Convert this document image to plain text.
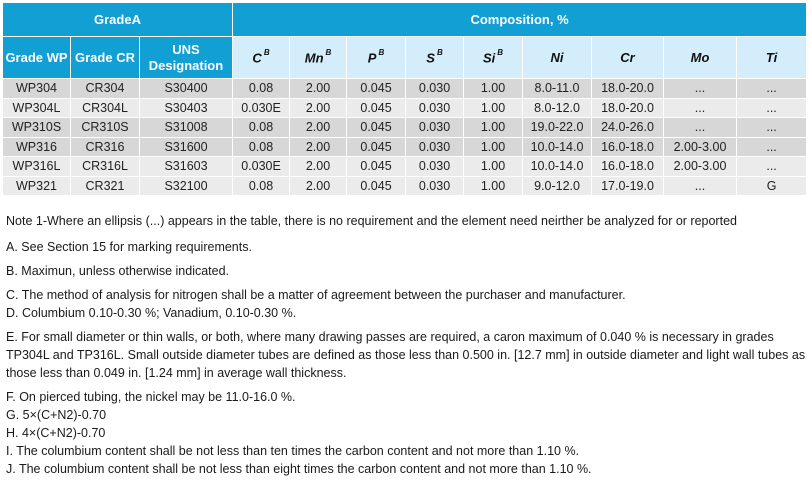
GradeA			Composition, %								
Grade WP	Grade CR	UNS
Designation	C $^B$	Mn $^B$	P $^B$	S $^B$	Si $^B$	Ni	Cr	Mo	Ti
WP304	CR304	S30400	0.08	2.00	0.045	0.030	1.00	8.0-11.0	18.0-20.0	...	...
WP304L	CR304L	S30403	0.030E	2.00	0.045	0.030	1.00	8.0-12.0	18.0-20.0	...	...
WP310S	CR310S	S31008	0.08	2.00	0.045	0.030	1.00	19.0-22.0	24.0-26.0	...	...
WP316	CR316	S31600	0.08	2.00	0.045	0.030	1.00	10.0-14.0	16.0-18.0	2.00-3.00	...
WP316L	CR316L	S31603	0.030E	2.00	0.045	0.030	1.00	10.0-14.0	16.0-18.0	2.00-3.00	...
WP321	CR321	S32100	0.08	2.00	0.045	0.030	1.00	9.0-12.0	17.0-19.0	...	G

Note 1-Where an ellipsis (...) appears in the table, there is no requirement and the element need neirther be analyzed for or reported

A. See Section 15 for marking requirements.

B. Maximun, unless otherwise indicated.

C. The method of analysis for nitrogen shall be a matter of agreement between the purchaser and manufacturer.

D. Columbium 0.10-0.30 %; Vanadium, 0.10-0.30 %.

E. For small diameter or thin walls, or both, where many drawing passes are required, a caron maximum of 0.040 % is necessary in grades TP304L and TP316L. Small outside diameter tubes are defined as those less than 0.500 in. [12.7 mm] in outside diameter and light wall tubes as those less than 0.049 in. [1.24 mm] in average wall thickness.

F. On pierced tubing, the nickel may be 11.0-16.0 %.

G. 5×(C+N2)-0.70

H. 4×(C+N2)-0.70

I. The columbium content shall be not less than ten times the carbon content and not more than 1.10 %.

J. The columbium content shall be not less than eight times the carbon content and not more than 1.10 %.
